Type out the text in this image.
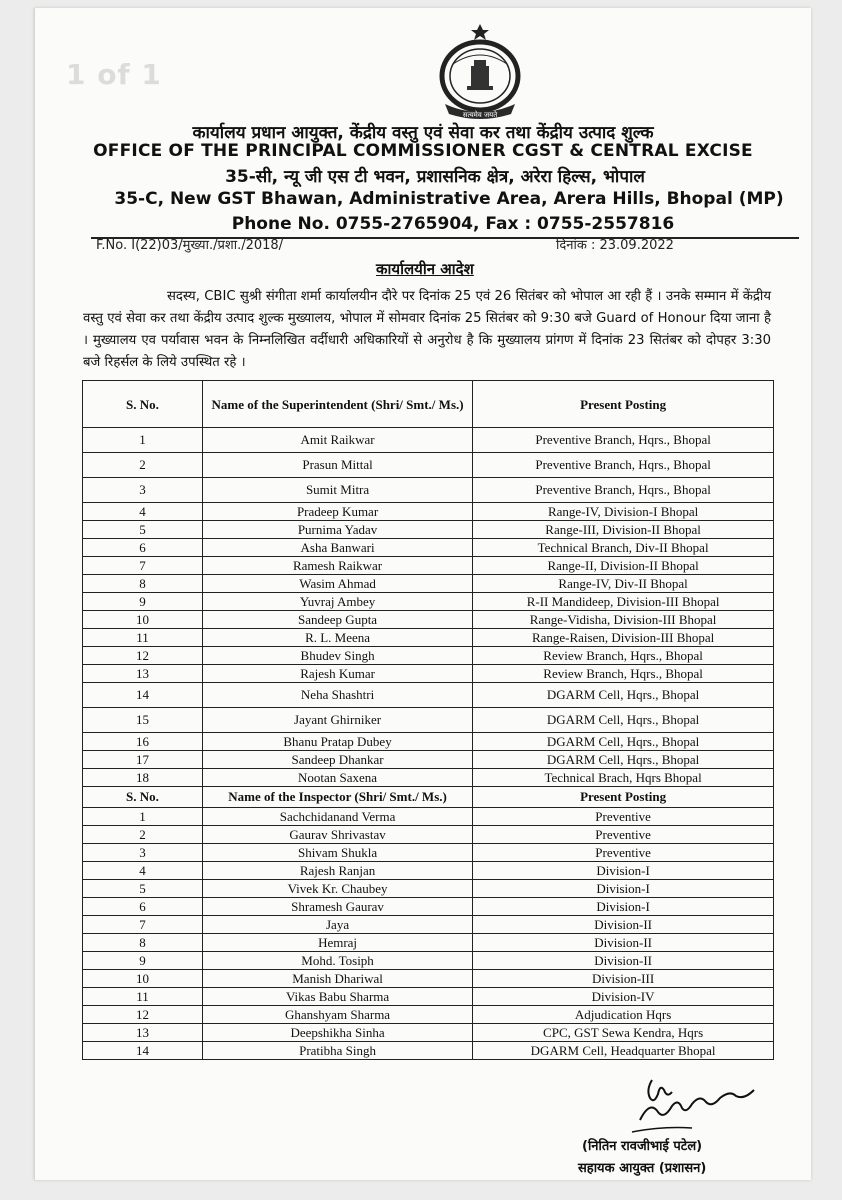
सत्यमेव जयते
कार्यालय प्रधान आयुक्त, केंद्रीय वस्तु एवं सेवा कर तथा केंद्रीय उत्पाद शुल्क
OFFICE OF THE PRINCIPAL COMMISSIONER CGST & CENTRAL EXCISE
35-सी, न्यू जी एस टी भवन, प्रशासनिक क्षेत्र, अरेरा हिल्स, भोपाल
35-C, New GST Bhawan, Administrative Area, Arera Hills, Bhopal (MP)
Phone No. 0755-2765904, Fax : 0755-2557816
1 of 1
F.No. I(22)03/मुख्या./प्रशा./2018/	दिनांक : 23.09.2022
कार्यालयीन आदेश
सदस्य, CBIC सुश्री संगीता शर्मा कार्यालयीन दौरे पर दिनांक 25 एवं 26 सितंबर को भोपाल आ रही हैं । उनके सम्मान में केंद्रीय वस्तु एवं सेवा कर तथा केंद्रीय उत्पाद शुल्क मुख्यालय, भोपाल में सोमवार दिनांक 25 सितंबर को 9:30 बजे Guard of Honour दिया जाना है । मुख्यालय एव पर्यावास भवन के निम्नलिखित वर्दीधारी अधिकारियों से अनुरोध है कि मुख्यालय प्रांगण में दिनांक 23 सितंबर को दोपहर 3:30 बजे रिहर्सल के लिये उपस्थित रहे ।
S. No.	Name of the Superintendent (Shri/ Smt./ Ms.)	Present Posting
1	Amit Raikwar	Preventive Branch, Hqrs., Bhopal
2	Prasun Mittal	Preventive Branch, Hqrs., Bhopal
3	Sumit Mitra	Preventive Branch, Hqrs., Bhopal
4	Pradeep Kumar	Range-IV, Division-I Bhopal
5	Purnima Yadav	Range-III, Division-II Bhopal
6	Asha Banwari	Technical Branch, Div-II Bhopal
7	Ramesh Raikwar	Range-II, Division-II Bhopal
8	Wasim Ahmad	Range-IV, Div-II Bhopal
9	Yuvraj Ambey	R-II Mandideep, Division-III Bhopal
10	Sandeep Gupta	Range-Vidisha, Division-III Bhopal
11	R. L. Meena	Range-Raisen, Division-III Bhopal
12	Bhudev Singh	Review Branch, Hqrs., Bhopal
13	Rajesh Kumar	Review Branch, Hqrs., Bhopal
14	Neha Shashtri	DGARM Cell, Hqrs., Bhopal
15	Jayant Ghirniker	DGARM Cell, Hqrs., Bhopal
16	Bhanu Pratap Dubey	DGARM Cell, Hqrs., Bhopal
17	Sandeep Dhankar	DGARM Cell, Hqrs., Bhopal
18	Nootan Saxena	Technical Brach, Hqrs Bhopal
S. No.	Name of the Inspector (Shri/ Smt./ Ms.)	Present Posting
1	Sachchidanand Verma	Preventive
2	Gaurav Shrivastav	Preventive
3	Shivam Shukla	Preventive
4	Rajesh Ranjan	Division-I
5	Vivek Kr. Chaubey	Division-I
6	Shramesh Gaurav	Division-I
7	Jaya	Division-II
8	Hemraj	Division-II
9	Mohd. Tosiph	Division-II
10	Manish Dhariwal	Division-III
11	Vikas Babu Sharma	Division-IV
12	Ghanshyam Sharma	Adjudication Hqrs
13	Deepshikha Sinha	CPC, GST Sewa Kendra, Hqrs
14	Pratibha Singh	DGARM Cell, Headquarter Bhopal
(नितिन रावजीभाई पटेल)
सहायक आयुक्त (प्रशासन)
